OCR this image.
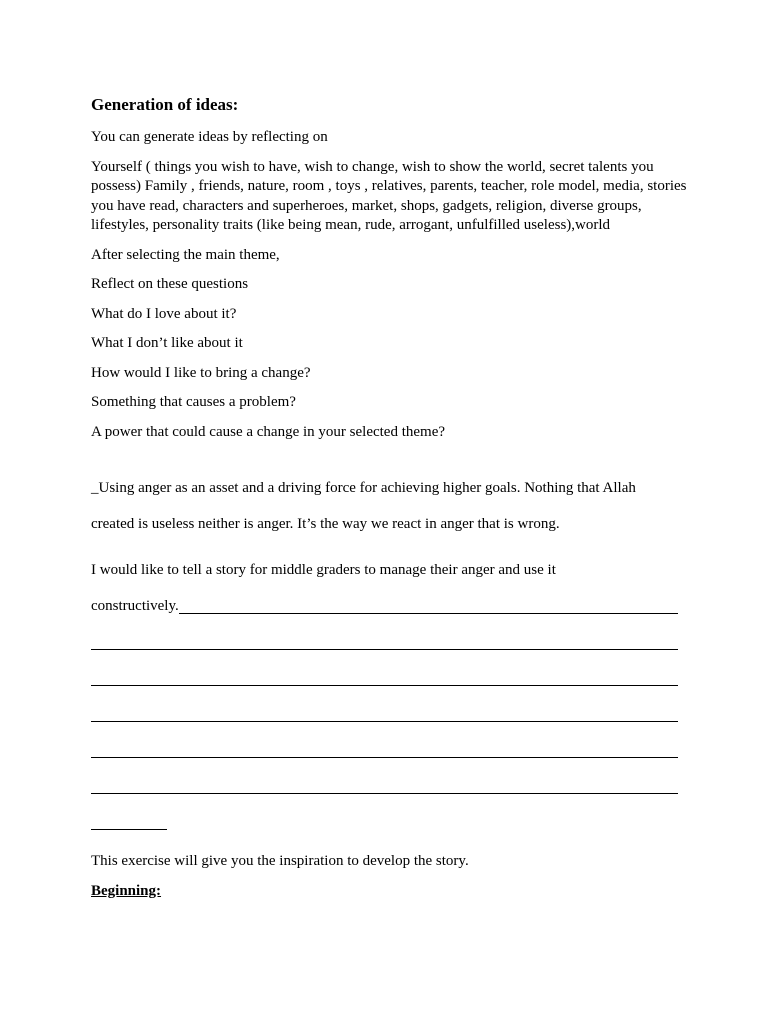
Generation of ideas:

You can generate ideas by reflecting on

Yourself ( things you wish to have, wish to change, wish to show the world, secret talents you possess) Family , friends, nature, room , toys , relatives, parents, teacher, role model, media, stories you have read, characters and superheroes, market, shops, gadgets, religion, diverse groups, lifestyles, personality traits (like being mean, rude, arrogant, unfulfilled useless),world

After selecting the main theme,

Reflect on these questions

What do I love about it?

What I don’t like about it

How would I like to bring a change?

Something that causes a problem?

A power that could cause a change in your selected theme?

_Using anger as an asset and a driving force for achieving higher goals. Nothing that Allah

created is useless neither is anger. It’s the way we react in anger that is wrong.

I would like to tell a story for middle graders to manage their anger and use it

constructively.

This exercise will give you the inspiration to develop the story.

Beginning:
